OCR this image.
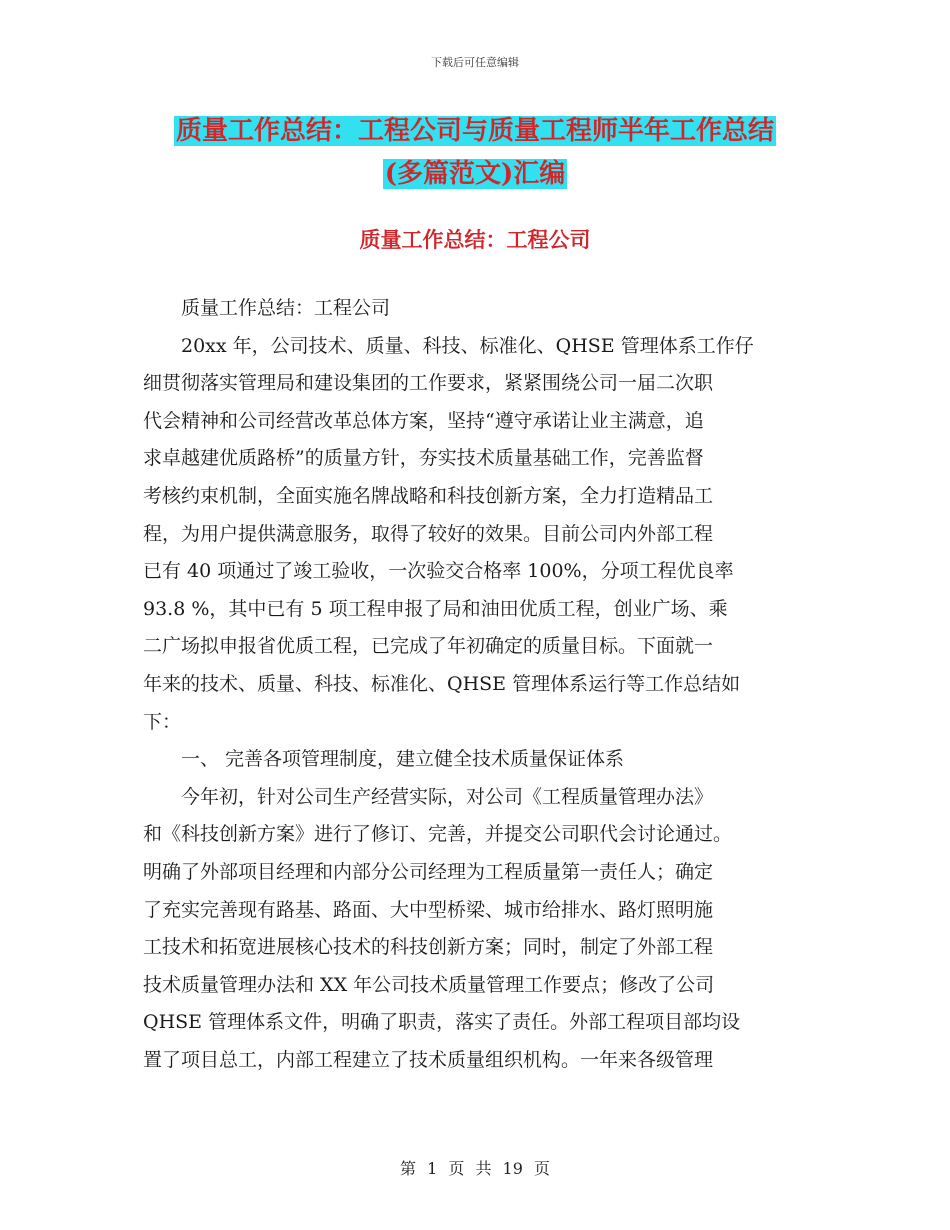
下载后可任意编辑
质量工作总结：工程公司与质量工程师半年工作总结
(多篇范文)汇编
质量工作总结：工程公司

质量工作总结：工程公司

20xx 年，公司技术、质量、科技、标准化、QHSE 管理体系工作仔
细贯彻落实管理局和建设集团的工作要求，紧紧围绕公司一届二次职
代会精神和公司经营改革总体方案，坚持“遵守承诺让业主满意，追
求卓越建优质路桥”的质量方针，夯实技术质量基础工作，完善监督
考核约束机制，全面实施名牌战略和科技创新方案，全力打造精品工
程，为用户提供满意服务，取得了较好的效果。目前公司内外部工程
已有 40 项通过了竣工验收，一次验交合格率 100%，分项工程优良率
93.8 %，其中已有 5 项工程申报了局和油田优质工程，创业广场、乘
二广场拟申报省优质工程，已完成了年初确定的质量目标。下面就一
年来的技术、质量、科技、标准化、QHSE 管理体系运行等工作总结如
下：

一、 完善各项管理制度，建立健全技术质量保证体系

今年初，针对公司生产经营实际，对公司《工程质量管理办法》
和《科技创新方案》进行了修订、完善，并提交公司职代会讨论通过。
明确了外部项目经理和内部分公司经理为工程质量第一责任人；确定
了充实完善现有路基、路面、大中型桥梁、城市给排水、路灯照明施
工技术和拓宽进展核心技术的科技创新方案；同时，制定了外部工程
技术质量管理办法和 XX 年公司技术质量管理工作要点；修改了公司
QHSE 管理体系文件，明确了职责，落实了责任。外部工程项目部均设
置了项目总工，内部工程建立了技术质量组织机构。一年来各级管理

第 1 页 共 19 页
